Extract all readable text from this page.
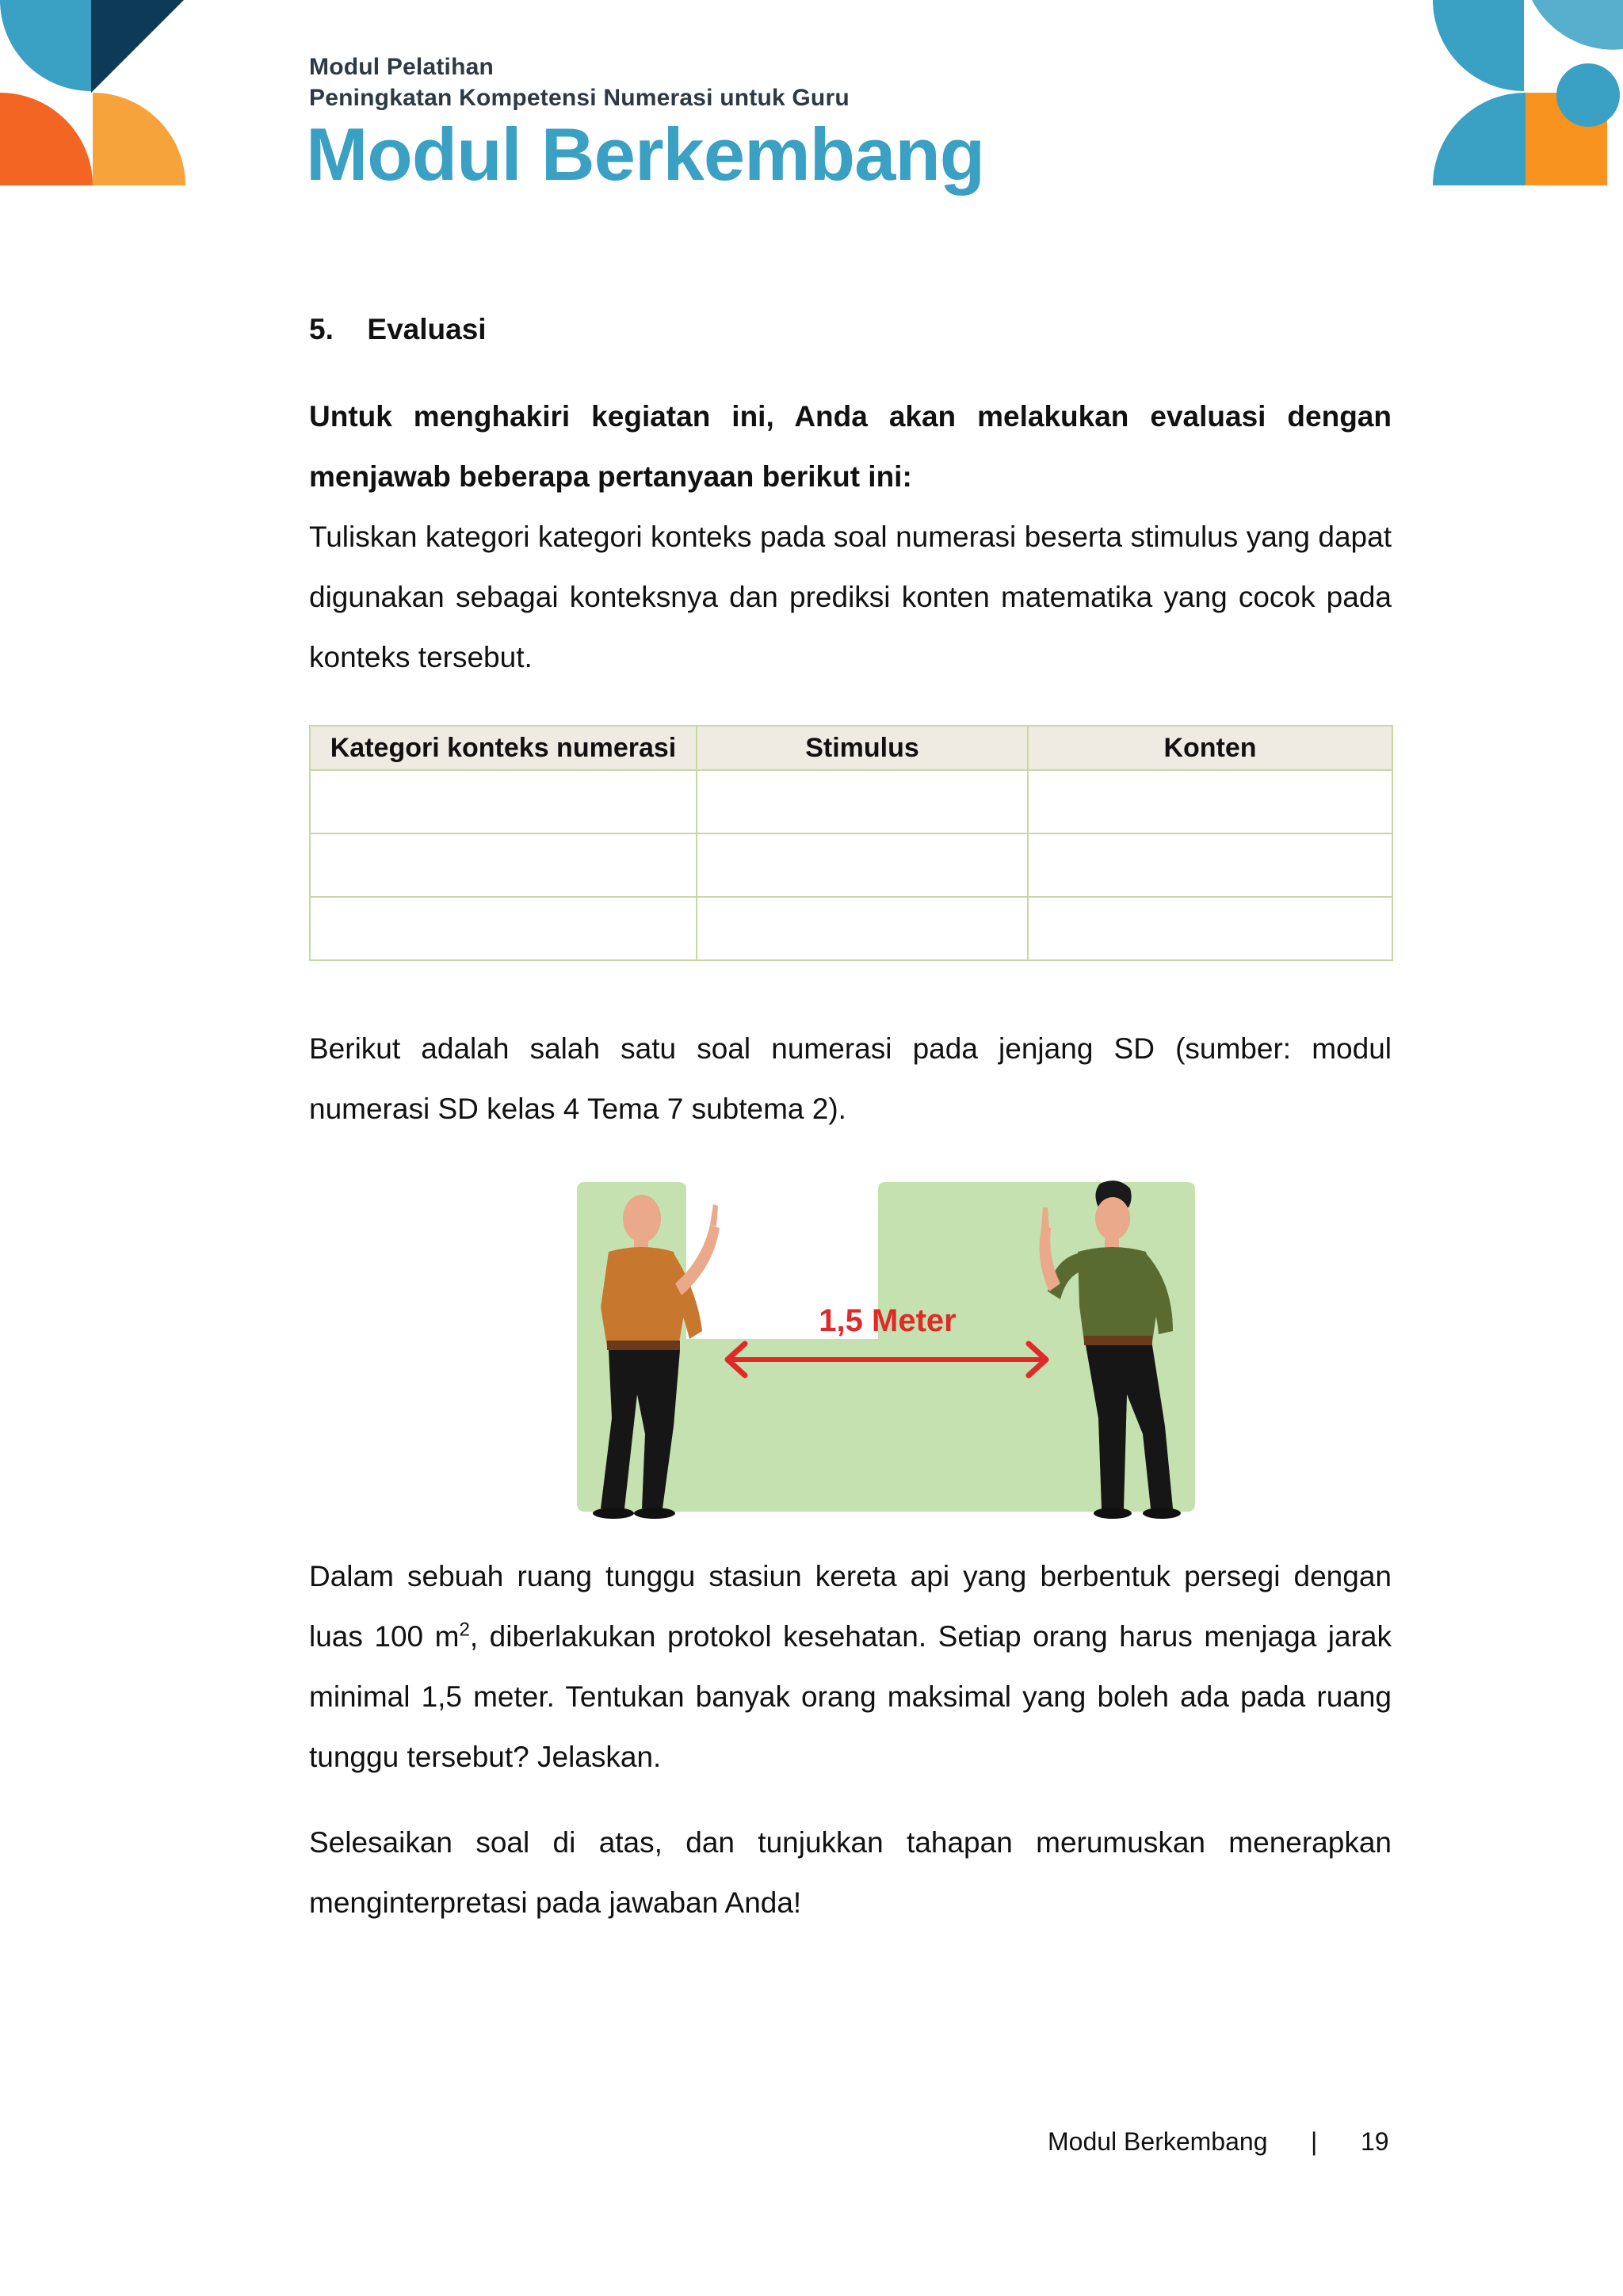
Modul Pelatihan
Peningkatan Kompetensi Numerasi untuk Guru
Modul Berkembang
5. Evaluasi

Untuk menghakiri kegiatan ini, Anda akan melakukan evaluasi dengan menjawab beberapa pertanyaan berikut ini:

Tuliskan kategori kategori konteks pada soal numerasi beserta stimulus yang dapat digunakan sebagai konteksnya dan prediksi konten matematika yang cocok pada konteks tersebut.

Kategori konteks numerasi	Stimulus	Konten

Berikut adalah salah satu soal numerasi pada jenjang SD (sumber: modul numerasi SD kelas 4 Tema 7 subtema 2).

1,5 Meter

Dalam sebuah ruang tunggu stasiun kereta api yang berbentuk persegi dengan luas 100 $m^2$, diberlakukan protokol kesehatan. Setiap orang harus menjaga jarak minimal 1,5 meter. Tentukan banyak orang maksimal yang boleh ada pada ruang tunggu tersebut? Jelaskan.

Selesaikan soal di atas, dan tunjukkan tahapan merumuskan menerapkan menginterpretasi pada jawaban Anda!

Modul Berkembang | 19
